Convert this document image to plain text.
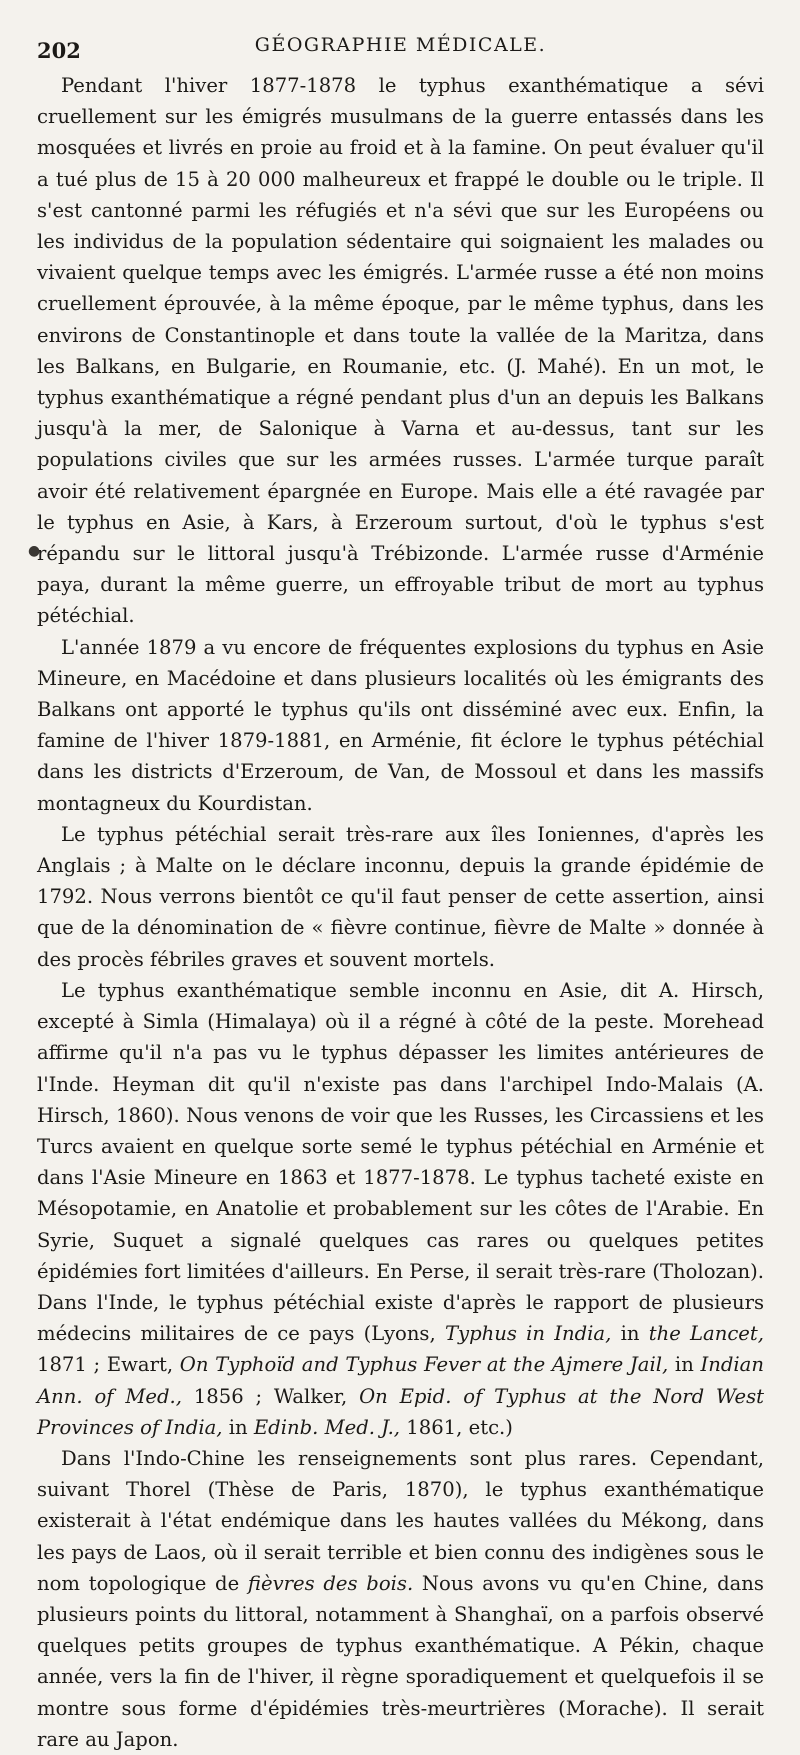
202	GÉOGRAPHIE MÉDICALE.
●

Pendant l'hiver 1877-1878 le typhus exanthématique a sévi cruellement sur les émigrés musulmans de la guerre entassés dans les mosquées et livrés en proie au froid et à la famine. On peut évaluer qu'il a tué plus de 15 à 20 000 malheureux et frappé le double ou le triple. Il s'est cantonné parmi les réfugiés et n'a sévi que sur les Européens ou les individus de la population sédentaire qui soignaient les malades ou vivaient quelque temps avec les émigrés. L'armée russe a été non moins cruellement éprouvée, à la même époque, par le même typhus, dans les environs de Constantinople et dans toute la vallée de la Maritza, dans les Balkans, en Bulgarie, en Roumanie, etc. (J. Mahé). En un mot, le typhus exanthématique a régné pendant plus d'un an depuis les Balkans jusqu'à la mer, de Salonique à Varna et au-dessus, tant sur les populations civiles que sur les armées russes. L'armée turque paraît avoir été relativement épargnée en Europe. Mais elle a été ravagée par le typhus en Asie, à Kars, à Erzeroum surtout, d'où le typhus s'est répandu sur le littoral jusqu'à Trébizonde. L'armée russe d'Arménie paya, durant la même guerre, un effroyable tribut de mort au typhus pétéchial.

L'année 1879 a vu encore de fréquentes explosions du typhus en Asie Mineure, en Macédoine et dans plusieurs localités où les émigrants des Balkans ont apporté le typhus qu'ils ont disséminé avec eux. Enfin, la famine de l'hiver 1879-1881, en Arménie, fit éclore le typhus pétéchial dans les districts d'Erzeroum, de Van, de Mossoul et dans les massifs montagneux du Kourdistan.

Le typhus pétéchial serait très-rare aux îles Ioniennes, d'après les Anglais ; à Malte on le déclare inconnu, depuis la grande épidémie de 1792. Nous verrons bientôt ce qu'il faut penser de cette assertion, ainsi que de la dénomination de « fièvre continue, fièvre de Malte » donnée à des procès fébriles graves et souvent mortels.

Le typhus exanthématique semble inconnu en Asie, dit A. Hirsch, excepté à Simla (Himalaya) où il a régné à côté de la peste. Morehead affirme qu'il n'a pas vu le typhus dépasser les limites antérieures de l'Inde. Heyman dit qu'il n'existe pas dans l'archipel Indo-Malais (A. Hirsch, 1860). Nous venons de voir que les Russes, les Circassiens et les Turcs avaient en quelque sorte semé le typhus pétéchial en Arménie et dans l'Asie Mineure en 1863 et 1877-1878. Le typhus tacheté existe en Mésopotamie, en Anatolie et probablement sur les côtes de l'Arabie. En Syrie, Suquet a signalé quelques cas rares ou quelques petites épidémies fort limitées d'ailleurs. En Perse, il serait très-rare (Tholozan). Dans l'Inde, le typhus pétéchial existe d'après le rapport de plusieurs médecins militaires de ce pays (Lyons, Typhus in India, in the Lancet, 1871 ; Ewart, On Typhoïd and Typhus Fever at the Ajmere Jail, in Indian Ann. of Med., 1856 ; Walker, On Epid. of Typhus at the Nord West Provinces of India, in Edinb. Med. J., 1861, etc.)

Dans l'Indo-Chine les renseignements sont plus rares. Cependant, suivant Thorel (Thèse de Paris, 1870), le typhus exanthématique existerait à l'état endémique dans les hautes vallées du Mékong, dans les pays de Laos, où il serait terrible et bien connu des indigènes sous le nom topologique de fièvres des bois. Nous avons vu qu'en Chine, dans plusieurs points du littoral, notamment à Shanghaï, on a parfois observé quelques petits groupes de typhus exanthématique. A Pékin, chaque année, vers la fin de l'hiver, il règne sporadiquement et quelquefois il se montre sous forme d'épidémies très-meurtrières (Morache). Il serait rare au Japon.
